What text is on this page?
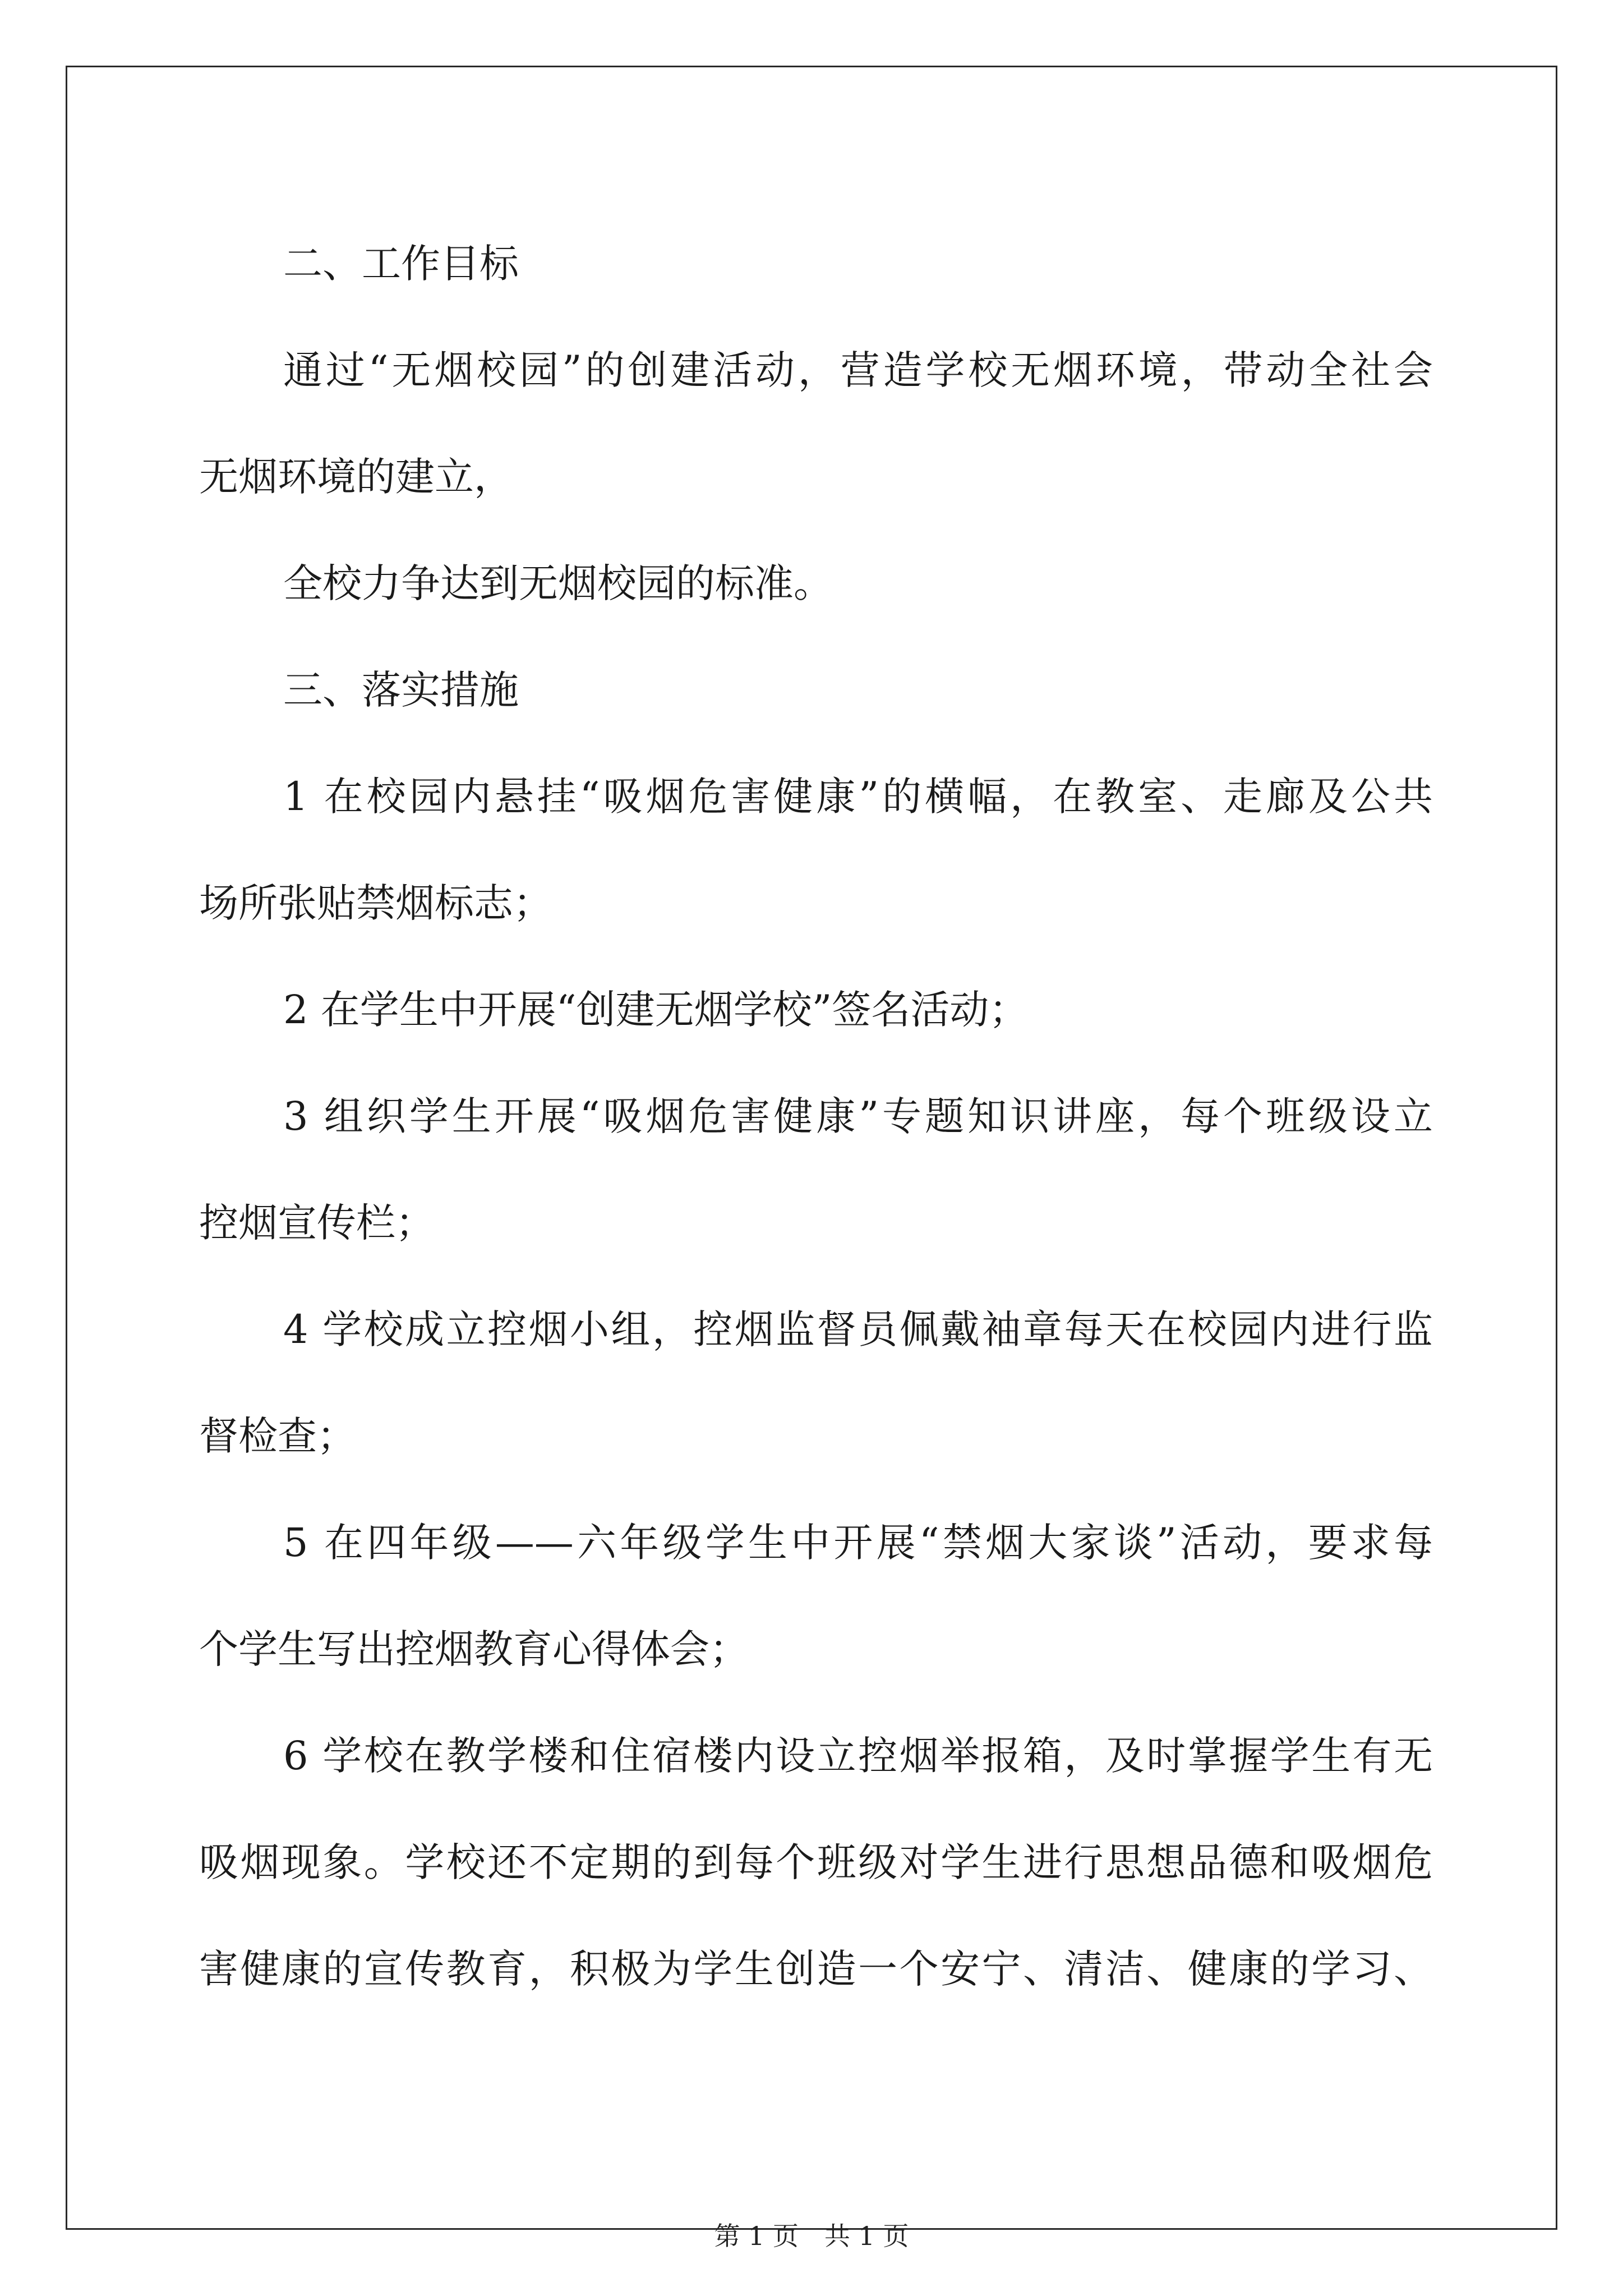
二、工作目标

通过“无烟校园”的创建活动，营造学校无烟环境，带动全社会

无烟环境的建立，

全校力争达到无烟校园的标准。

三、落实措施

1 在校园内悬挂“吸烟危害健康”的横幅，在教室、走廊及公共

场所张贴禁烟标志；

2 在学生中开展“创建无烟学校”签名活动；

3 组织学生开展“吸烟危害健康”专题知识讲座，每个班级设立

控烟宣传栏；

4 学校成立控烟小组，控烟监督员佩戴袖章每天在校园内进行监

督检查；

5 在四年级——六年级学生中开展“禁烟大家谈”活动，要求每

个学生写出控烟教育心得体会；

6 学校在教学楼和住宿楼内设立控烟举报箱，及时掌握学生有无

吸烟现象。学校还不定期的到每个班级对学生进行思想品德和吸烟危

害健康的宣传教育，积极为学生创造一个安宁、清洁、健康的学习、

第 1 页 共 1 页
